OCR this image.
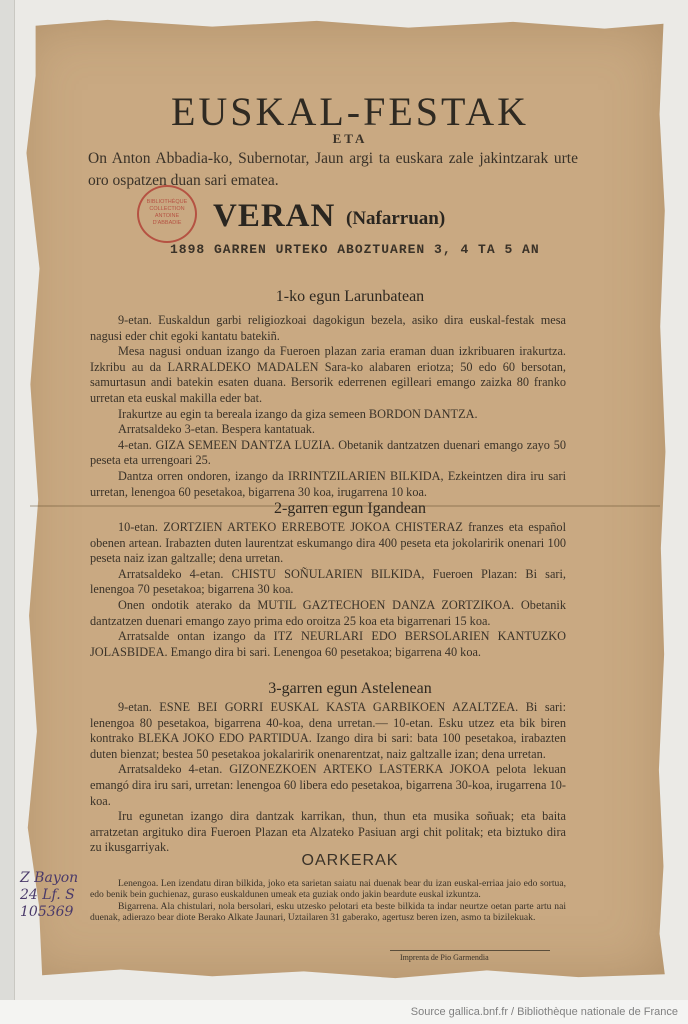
EUSKAL-FESTAK
ETA
On Anton Abbadia-ko, Subernotar, Jaun argi ta euskara zale jakintzarak urte oro ospatzen duan sari ematea.
BIBLIOTHÈQUE
COLLECTION
ANTOINE
D'ABBADIE VERAN (Nafarruan)
1898 GARREN URTEKO ABOZTUAREN 3, 4 TA 5 AN
1-ko egun Larunbatean

9-etan. Euskaldun garbi religiozkoai dagokigun bezela, asiko dira euskal-festak mesa nagusi eder chit egoki kantatu batekiñ.

Mesa nagusi onduan izango da Fueroen plazan zaria eraman duan izkribuaren irakurtza. Izkribu au da LARRALDEKO MADALEN Sara-ko alabaren eriotza; 50 edo 60 bersotan, samurtasun andi batekin esaten duana. Bersorik ederrenen egilleari emango zaizka 80 franko urretan eta euskal makilla eder bat.

Irakurtze au egin ta bereala izango da giza semeen BORDON DANTZA.

Arratsaldeko 3-etan. Bespera kantatuak.

4-etan. GIZA SEMEEN DANTZA LUZIA. Obetanik dantzatzen duenari emango zayo 50 peseta eta urrengoari 25.

Dantza orren ondoren, izango da IRRINTZILARIEN BILKIDA, Ezkeintzen dira iru sari urretan, lenengoa 60 pesetakoa, bigarrena 30 koa, irugarrena 10 koa.

2-garren egun Igandean

10-etan. ZORTZIEN ARTEKO ERREBOTE JOKOA CHISTERAZ franzes eta español obenen artean. Irabazten duten laurentzat eskumango dira 400 peseta eta jokolaririk onenari 100 peseta naiz izan galtzalle; dena urretan.

Arratsaldeko 4-etan. CHISTU SOÑULARIEN BILKIDA, Fueroen Plazan: Bi sari, lenengoa 70 pesetakoa; bigarrena 30 koa.

Onen ondotik aterako da MUTIL GAZTECHOEN DANZA ZORTZIKOA. Obetanik dantzatzen duenari emango zayo prima edo oroitza 25 koa eta bigarrenari 15 koa.

Arratsalde ontan izango da ITZ NEURLARI EDO BERSOLARIEN KANTUZKO JOLASBIDEA. Emango dira bi sari. Lenengoa 60 pesetakoa; bigarrena 40 koa.

3-garren egun Astelenean

9-etan. ESNE BEI GORRI EUSKAL KASTA GARBIKOEN AZALTZEA. Bi sari: lenengoa 80 pesetakoa, bigarrena 40-koa, dena urretan.— 10-etan. Esku utzez eta bik biren kontrako BLEKA JOKO EDO PARTIDUA. Izango dira bi sari: bata 100 pesetakoa, irabazten duten bienzat; bestea 50 pesetakoa jokalaririk onenarentzat, naiz galtzalle izan; dena urretan.

Arratsaldeko 4-etan. GIZONEZKOEN ARTEKO LASTERKA JOKOA pelota lekuan emangó dira iru sari, urretan: lenengoa 60 libera edo pesetakoa, bigarrena 30-koa, irugarrena 10-koa.

Iru egunetan izango dira dantzak karrikan, thun, thun eta musika soñuak; eta baita arratzetan argituko dira Fueroen Plazan eta Alzateko Pasiuan argi chit politak; eta biztuko dira zu ikusgarriyak.

OARKERAK

Lenengoa. Len izendatu diran bilkida, joko eta sarietan saiatu nai duenak bear du izan euskal-erriaa jaio edo sortua, edo benik bein guchienaz, guraso euskaldunen umeak eta guziak ondo jakin beardute euskal izkuntza.

Bigarrena. Ala chistulari, nola bersolari, esku utzesko pelotari eta beste bilkida ta indar neurtze oetan parte artu nai duenak, adierazo bear diote Berako Alkate Jaunari, Uztailaren 31 gaberako, agertusz beren izen, asmo ta bizilekuak.

Imprenta de Pio Garmendia
Z Bayon 24 Lf. S 105369
Source gallica.bnf.fr / Bibliothèque nationale de France
